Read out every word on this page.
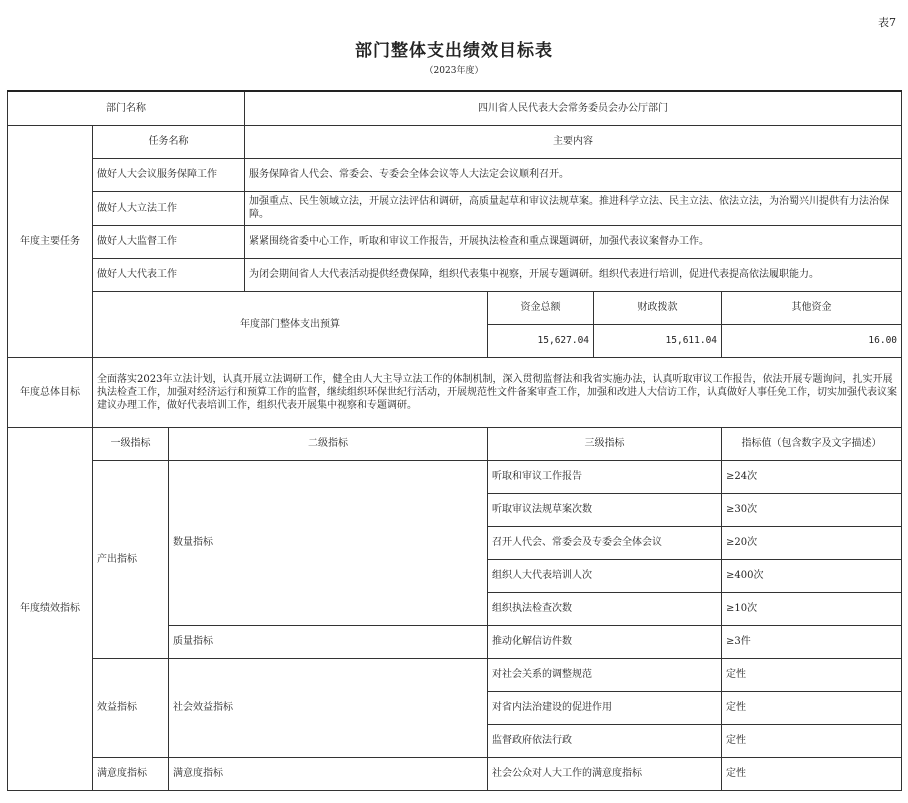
表7
部门整体支出绩效目标表
（2023年度）
部门名称			四川省人民代表大会常务委员会办公厅部门			
年度主要任务	任务名称		主要内容			
	做好人大会议服务保障工作		服务保障省人代会、常委会、专委会全体会议等人大法定会议顺利召开。			
	做好人大立法工作		加强重点、民生领域立法，开展立法评估和调研，高质量起草和审议法规草案。推进科学立法、民主立法、依法立法，为治蜀兴川提供有力法治保障。			
	做好人大监督工作		紧紧围绕省委中心工作，听取和审议工作报告，开展执法检查和重点课题调研，加强代表议案督办工作。			
	做好人大代表工作		为闭会期间省人大代表活动提供经费保障，组织代表集中视察，开展专题调研。组织代表进行培训，促进代表提高依法履职能力。			
	年度部门整体支出预算			资金总额	财政拨款	其他资金
				15,627.04	15,611.04	16.00
年度总体目标	全面落实2023年立法计划，认真开展立法调研工作，健全由人大主导立法工作的体制机制，深入贯彻监督法和我省实施办法，认真听取审议工作报告，依法开展专题询问，扎实开展执法检查工作，加强对经济运行和预算工作的监督，继续组织环保世纪行活动，开展规范性文件备案审查工作，加强和改进人大信访工作，认真做好人事任免工作，切实加强代表议案建议办理工作，做好代表培训工作，组织代表开展集中视察和专题调研。					
年度绩效指标	一级指标	二级指标		三级指标		指标值（包含数字及文字描述）
	产出指标	数量指标		听取和审议工作报告		≥24次
				听取审议法规草案次数		≥30次
				召开人代会、常委会及专委会全体会议		≥20次
				组织人大代表培训人次		≥400次
				组织执法检查次数		≥10次
		质量指标		推动化解信访件数		≥3件
	效益指标	社会效益指标		对社会关系的调整规范		定性
				对省内法治建设的促进作用		定性
				监督政府依法行政		定性
	满意度指标	满意度指标		社会公众对人大工作的满意度指标		定性
